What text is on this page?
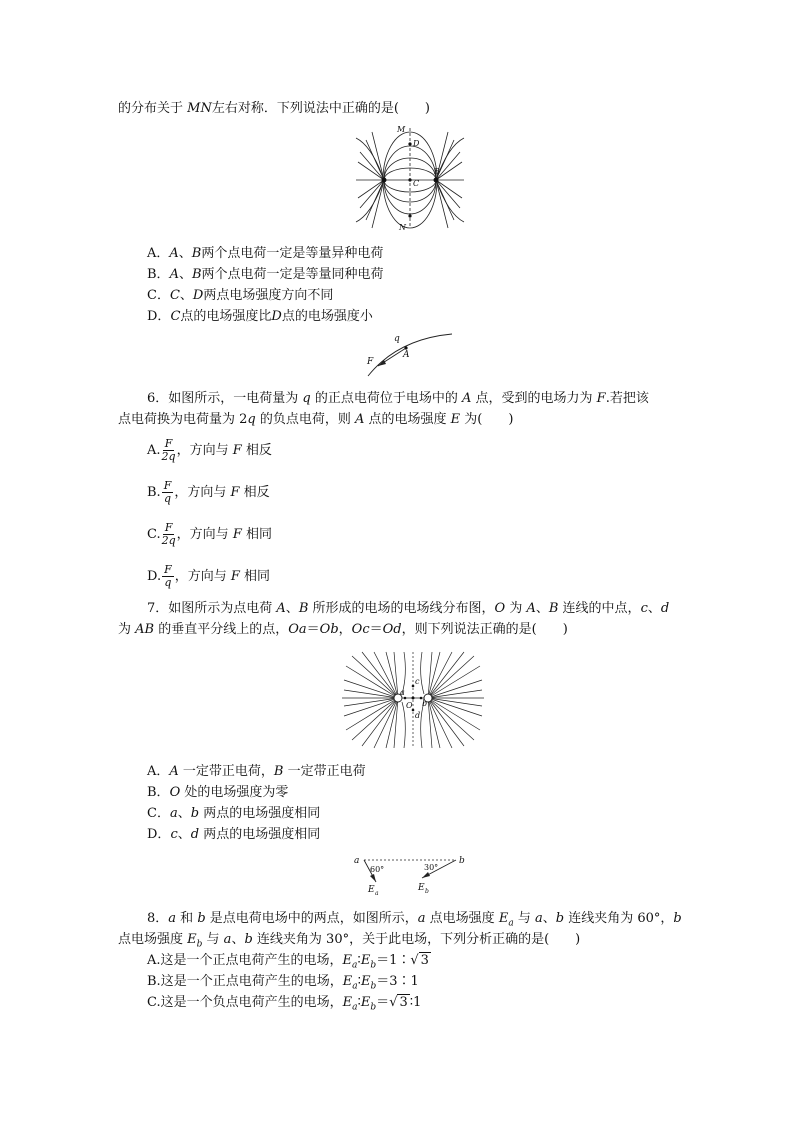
的分布关于 MN左右对称．下列说法中正确的是(　　)
M
D
C
B
N
A．A、B两个点电荷一定是等量异种电荷
B．A、B两个点电荷一定是等量同种电荷
C．C、D两点电场强度方向不同
D．C点的电场强度比D点的电场强度小
q
A
F
6．如图所示，一电荷量为 q 的正点电荷位于电场中的 A 点，受到的电场力为 F.若把该
点电荷换为电荷量为 2q 的负点电荷，则 A 点的电场强度 E 为(　　)
A. $\frac{F}{2q}$ ，方向与 F 相反
B. $\frac{F}{q}$ ，方向与 F 相反
C. $\frac{F}{2q}$ ，方向与 F 相同
D. $\frac{F}{q}$ ，方向与 F 相同
7．如图所示为点电荷 A、B 所形成的电场的电场线分布图，O 为 A、B 连线的中点，c、d
为 AB 的垂直平分线上的点，Oa＝Ob，Oc＝Od，则下列说法正确的是(　　)
c
a
O b
d
A．A 一定带正电荷，B 一定带正电荷
B．O 处的电场强度为零
C．a、b 两点的电场强度相同
D．c、d 两点的电场强度相同
a	b
60°	30°
E a
E b
8．a 和 b 是点电荷电场中的两点，如图所示，a 点电场强度 $E_a$ 与 a、b 连线夹角为 60°，b
点电场强度 $E_b$ 与 a、b 连线夹角为 30°，关于此电场，下列分析正确的是(　　)
A.这是一个正点电荷产生的电场，$E_a∶E_b=1∶√$ 3
B.这是一个正点电荷产生的电场，$E_a∶E_b=3∶1$
C.这是一个负点电荷产生的电场，$E_a∶E_b=√$ 3 ∶1
